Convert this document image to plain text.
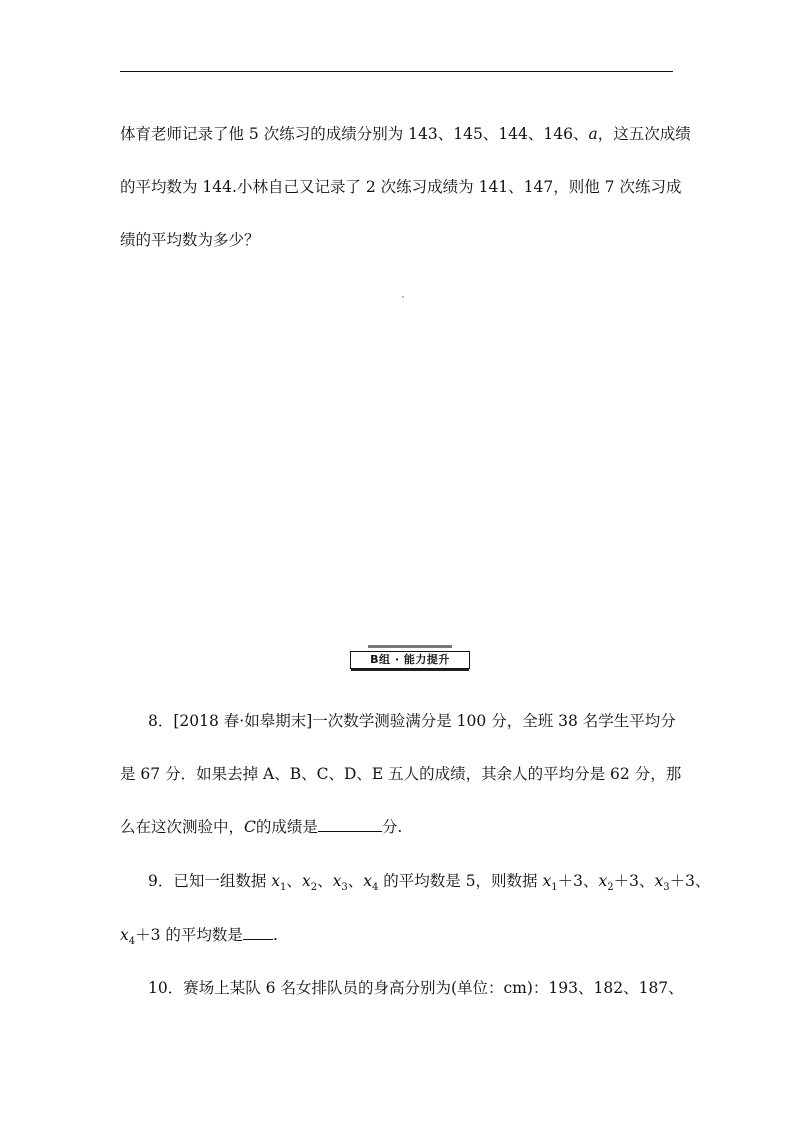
体育老师记录了他 5 次练习的成绩分别为 143、145、144、146、a，这五次成绩
的平均数为 144.小林自己又记录了 2 次练习成绩为 141、147，则他 7 次练习成
绩的平均数为多少？
B组 · 能力提升
8．[2018 春·如皋期末]一次数学测验满分是 100 分，全班 38 名学生平均分
是 67 分．如果去掉 A、B、C、D、E 五人的成绩，其余人的平均分是 62 分，那
么在这次测验中，C的成绩是	分.
9．已知一组数据 $x_1$、$x_2$、$x_3$、$x_4$ 的平均数是 5，则数据 $x_1+3$、$x_2+3$、$x_3+3$、
$x_4+3$ 的平均数是 .
10．赛场上某队 6 名女排队员的身高分别为(单位：cm)：193、182、187、
